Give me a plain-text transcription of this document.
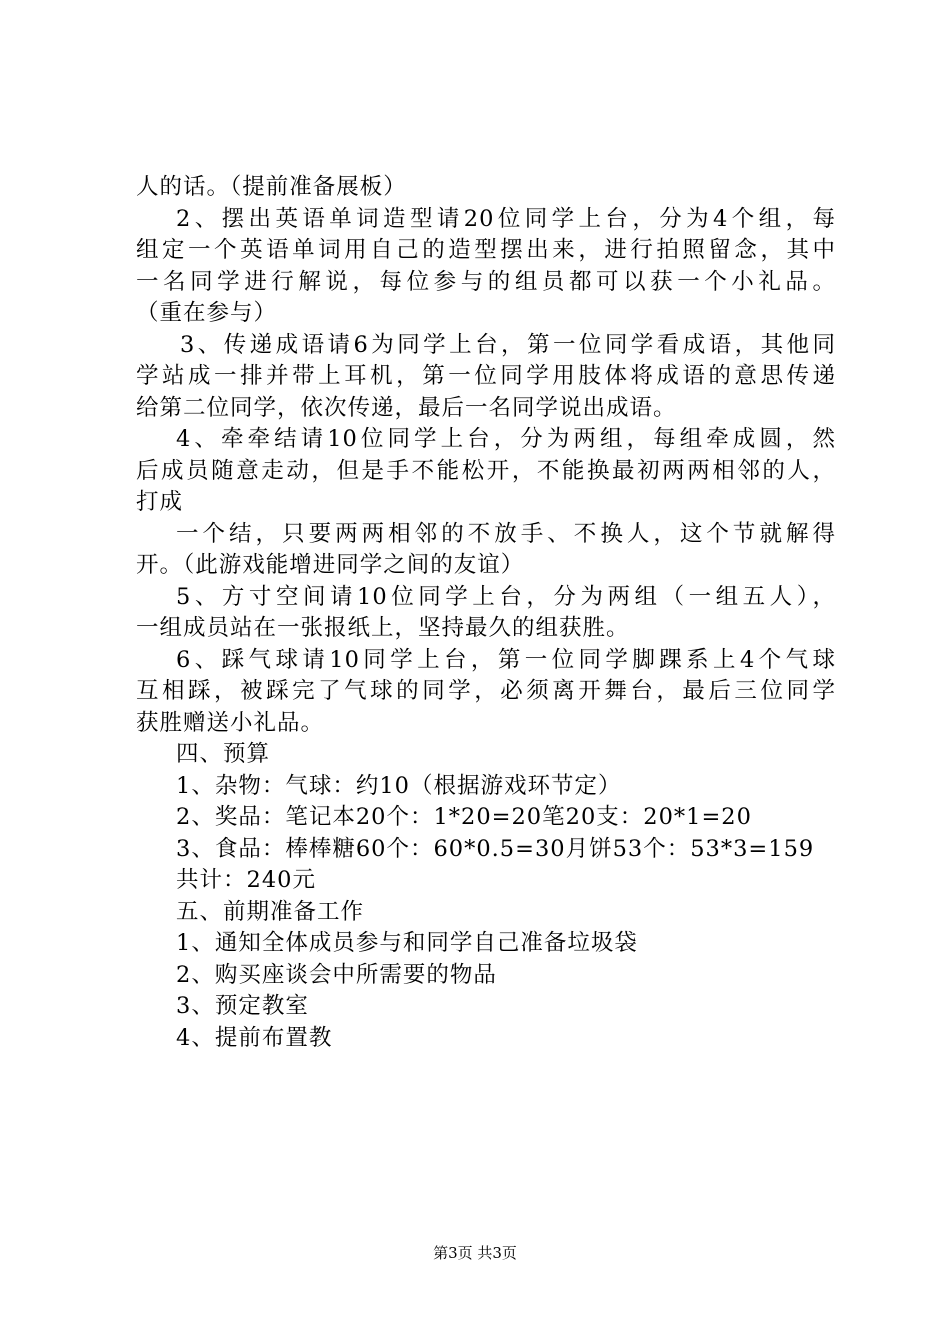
人的话。（提前准备展板）
2、摆出英语单词造型请20位同学上台，分为4个组，每
组定一个英语单词用自己的造型摆出来，进行拍照留念，其中
一名同学进行解说，每位参与的组员都可以获一个小礼品。
（重在参与）
3、传递成语请6为同学上台，第一位同学看成语，其他同
学站成一排并带上耳机，第一位同学用肢体将成语的意思传递
给第二位同学，依次传递，最后一名同学说出成语。
4、牵牵结请10位同学上台，分为两组，每组牵成圆，然
后成员随意走动，但是手不能松开，不能换最初两两相邻的人，
打成
一个结，只要两两相邻的不放手、不换人，这个节就解得
开。（此游戏能增进同学之间的友谊）
5、方寸空间请10位同学上台，分为两组（一组五人），
一组成员站在一张报纸上，坚持最久的组获胜。
6、踩气球请10同学上台，第一位同学脚踝系上4个气球
互相踩，被踩完了气球的同学，必须离开舞台，最后三位同学
获胜赠送小礼品。
四、预算
1、杂物：气球：约10（根据游戏环节定）
2、奖品：笔记本20个：1*20=20笔20支：20*1=20
3、食品：棒棒糖60个：60*0.5=30月饼53个：53*3=159
共计：240元
五、前期准备工作
1、通知全体成员参与和同学自己准备垃圾袋
2、购买座谈会中所需要的物品
3、预定教室
4、提前布置教
第3页 共3页
